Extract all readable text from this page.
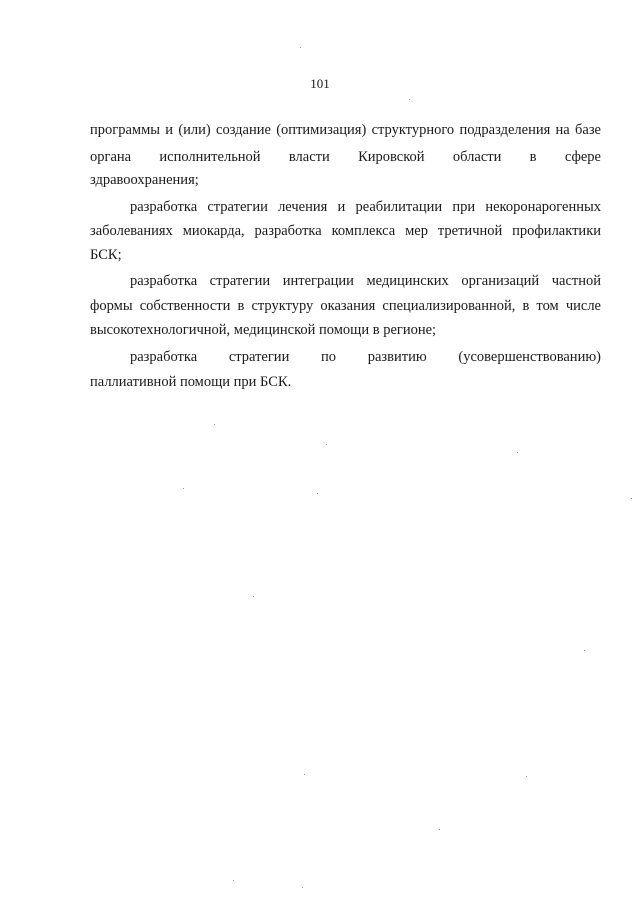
101
программы и (или) создание (оптимизация) структурного подразделения на базе
органа исполнительной власти Кировской области в сфере
здравоохранения;
разработка стратегии лечения и реабилитации при некоронарогенных
заболеваниях миокарда, разработка комплекса мер третичной профилактики
БСК;
разработка стратегии интеграции медицинских организаций частной
формы собственности в структуру оказания специализированной, в том числе
высокотехнологичной, медицинской помощи в регионе;
разработка стратегии по развитию (усовершенствованию)
паллиативной помощи при БСК.
